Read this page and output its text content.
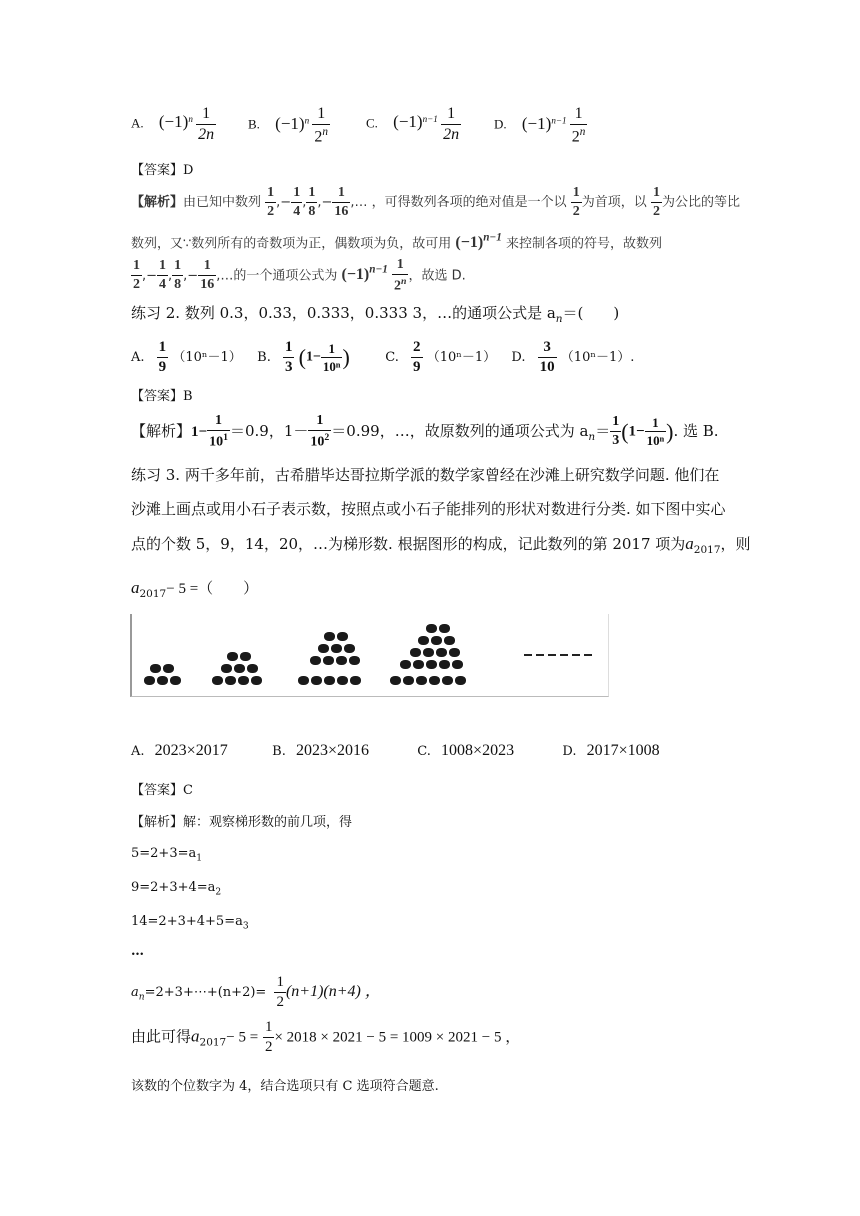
A. $(-1)^n \frac{1}{2n} B$. $(-1)^n \frac{1}{2^n}$	C. $(-1)^{n-1} \frac{1}{2n}$	D. $(-1)^{n-1} \frac{1}{2^n}$
【答案】D
【解析】由已知中数列 $\frac{1}{2}$ ,− $\frac{1}{4}$ , $\frac{1}{8}$ ,− $\frac{1}{16}$ ,… ，可得数列各项的绝对值是一个以 $\frac{1}{2}$ 为首项，以 $\frac{1}{2}$ 为公比的等比
数列，又∵数列所有的奇数项为正，偶数项为负，故可用 $(-1)^{n-1}$ 来控制各项的符号，故数列
$\frac{1}{2}$ ,− $\frac{1}{4}$ , $\frac{1}{8}$ ,− $\frac{1}{16}$ ,…的一个通项公式为 $(-1)^{n-1} \frac{1}{2^n}$ ，故选 D.
练习 2. 数列 0.3，0.33，0.333，0.333 3，…的通项公式是 $a_n=$(　　)
A. $\frac{1}{9} (10^n-1)$ B. $\frac{1}{3} (1- \frac{1}{\text{10ⁿ}}$ )	C. $\frac{2}{9} (10^n-1)$ D. $\frac{3}{10} (10^n-1)$.
【答案】B
【解析】$1- \frac{1}{10^1} =0.9$，$1- \frac{1}{10^2} =0.99$，…，故原数列的通项公式为 $a_n= \frac{1}{3} (1- \frac{1}{\text{10ⁿ}}$ ). 选 B.
练习 3. 两千多年前，古希腊毕达哥拉斯学派的数学家曾经在沙滩上研究数学问题. 他们在
沙滩上画点或用小石子表示数，按照点或小石子能排列的形状对数进行分类. 如下图中实心
点的个数 5，9，14，20，…为梯形数. 根据图形的构成，记此数列的第 2017 项为$a_{2017}$，则
$a_{2017}- 5$ =（　　）
A. 2023×2017	B. 2023×2016	C. 1008×2023	D. 2017×1008
【答案】C
【解析】解：观察梯形数的前几项，得
$5=2+3=a_1$
$9=2+3+4=a_2$
$14=2+3+4+5=a_3$
…
$a_n=2+3+\cdots+(n+2)= \frac{1}{2} (n+1)(n+4)$ ，
由此可得$a_{2017}- 5 = \frac{1}{2} \times 2018 \times 2021 - 5 = 1009 \times 2021 - 5$ ，
该数的个位数字为 4，结合选项只有 C 选项符合题意.
